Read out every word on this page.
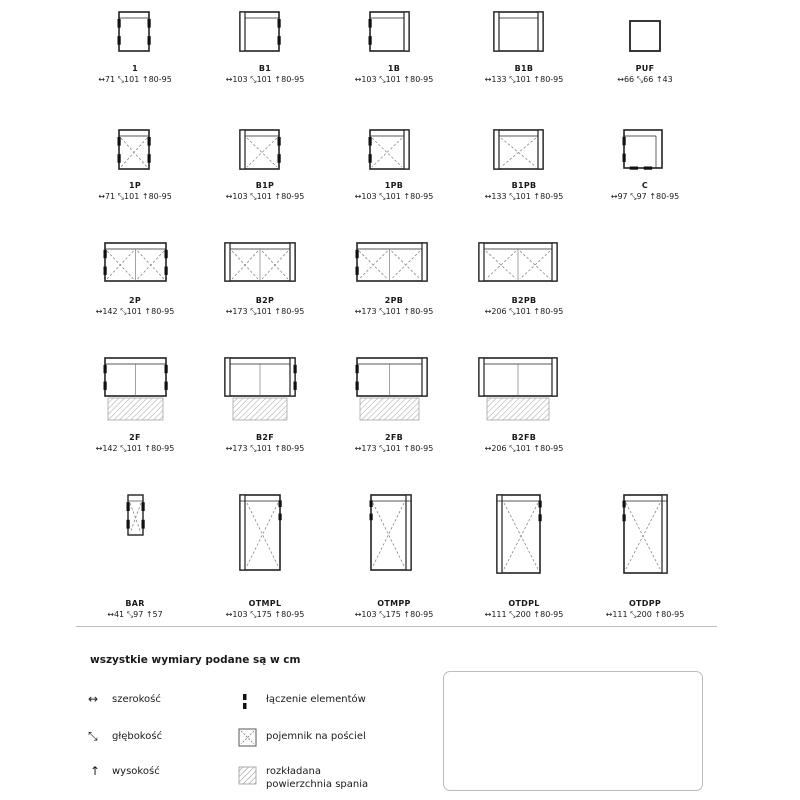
1
↔71 ⤡101 ↑80-95
B1
↔103 ⤡101 ↑80-95
1B
↔103 ⤡101 ↑80-95
B1B
↔133 ⤡101 ↑80-95
PUF
↔66 ⤡66 ↑43
1P
↔71 ⤡101 ↑80-95
B1P
↔103 ⤡101 ↑80-95
1PB
↔103 ⤡101 ↑80-95
B1PB
↔133 ⤡101 ↑80-95
C
↔97 ⤡97 ↑80-95
2P
↔142 ⤡101 ↑80-95
B2P
↔173 ⤡101 ↑80-95
2PB
↔173 ⤡101 ↑80-95
B2PB
↔206 ⤡101 ↑80-95
2F
↔142 ⤡101 ↑80-95
B2F
↔173 ⤡101 ↑80-95
2FB
↔173 ⤡101 ↑80-95
B2FB
↔206 ⤡101 ↑80-95
BAR
↔41 ⤡97 ↑57
OTMPL
↔103 ⤡175 ↑80-95
OTMPP
↔103 ⤡175 ↑80-95
OTDPL
↔111 ⤡200 ↑80-95
OTDPP
↔111 ⤡200 ↑80-95
wszystkie wymiary podane są w cm
↔ szerokość
⤡ głębokość
↑ wysokość
łączenie elementów
pojemnik na pościel
rozkładana
powierzchnia spania
